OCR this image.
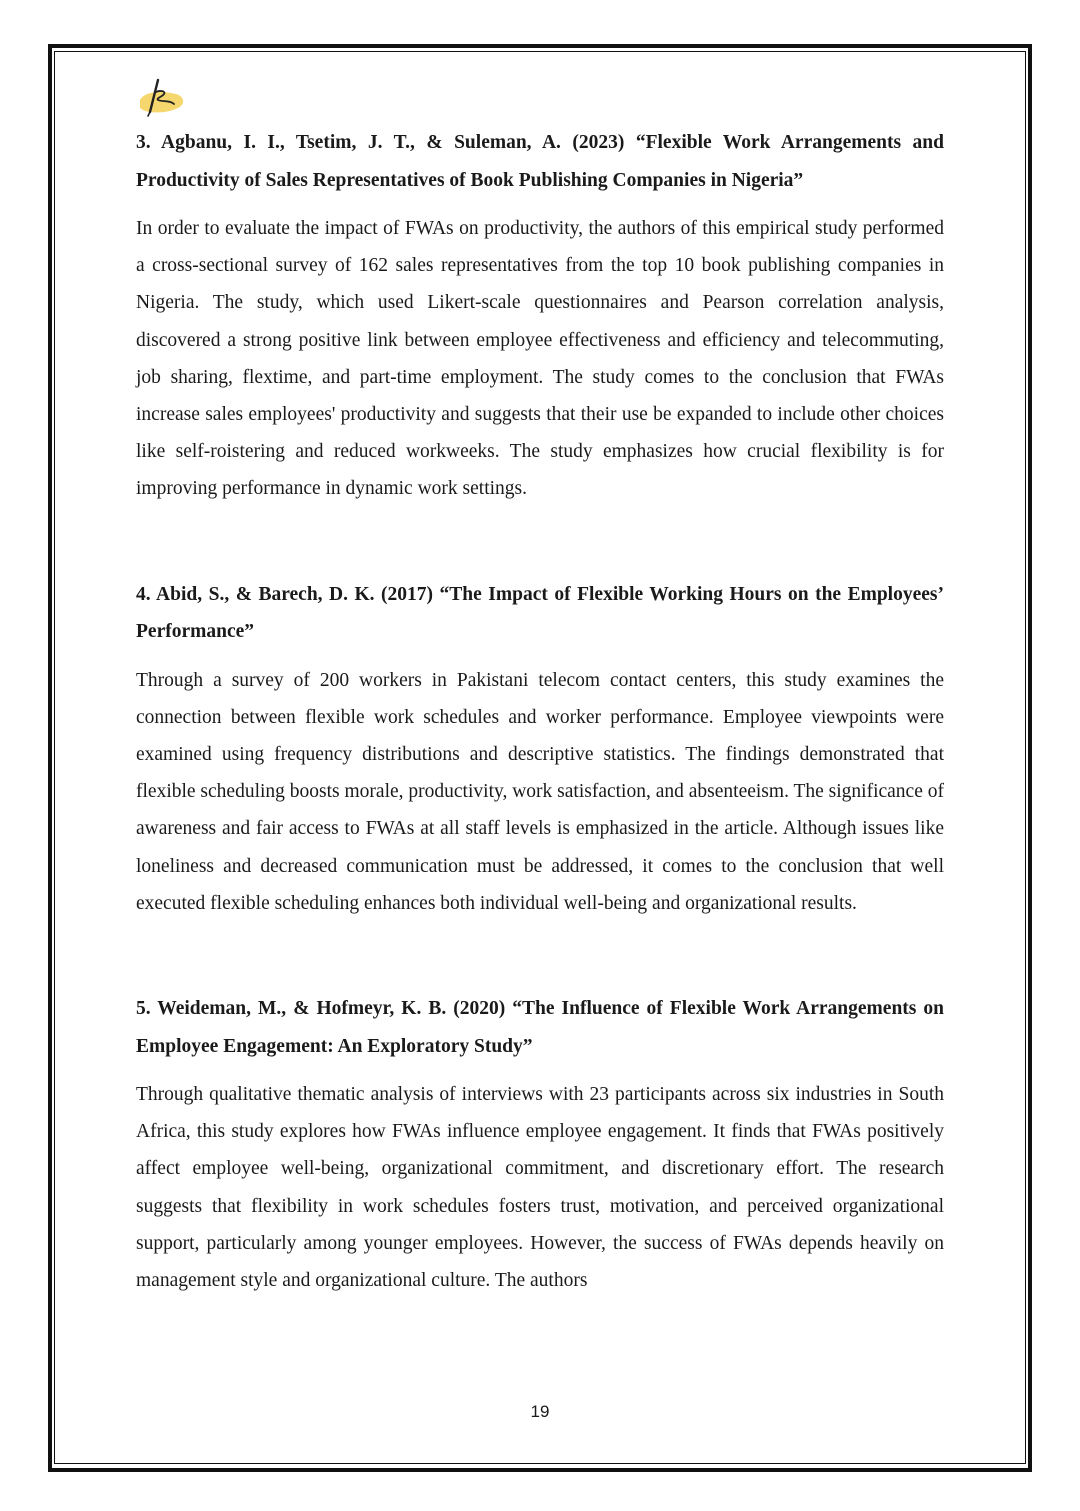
3. Agbanu, I. I., Tsetim, J. T., & Suleman, A. (2023) “Flexible Work Arrangements and Productivity of Sales Representatives of Book Publishing Companies in Nigeria”

In order to evaluate the impact of FWAs on productivity, the authors of this empirical study performed a cross-sectional survey of 162 sales representatives from the top 10 book publishing companies in Nigeria. The study, which used Likert-scale questionnaires and Pearson correlation analysis, discovered a strong positive link between employee effectiveness and efficiency and telecommuting, job sharing, flextime, and part-time employment. The study comes to the conclusion that FWAs increase sales employees' productivity and suggests that their use be expanded to include other choices like self-roistering and reduced workweeks. The study emphasizes how crucial flexibility is for improving performance in dynamic work settings.

4. Abid, S., & Barech, D. K. (2017) “The Impact of Flexible Working Hours on the Employees’ Performance”

Through a survey of 200 workers in Pakistani telecom contact centers, this study examines the connection between flexible work schedules and worker performance. Employee viewpoints were examined using frequency distributions and descriptive statistics. The findings demonstrated that flexible scheduling boosts morale, productivity, work satisfaction, and absenteeism. The significance of awareness and fair access to FWAs at all staff levels is emphasized in the article. Although issues like loneliness and decreased communication must be addressed, it comes to the conclusion that well executed flexible scheduling enhances both individual well-being and organizational results.

5. Weideman, M., & Hofmeyr, K. B. (2020) “The Influence of Flexible Work Arrangements on Employee Engagement: An Exploratory Study”

Through qualitative thematic analysis of interviews with 23 participants across six industries in South Africa, this study explores how FWAs influence employee engagement. It finds that FWAs positively affect employee well-being, organizational commitment, and discretionary effort. The research suggests that flexibility in work schedules fosters trust, motivation, and perceived organizational support, particularly among younger employees. However, the success of FWAs depends heavily on management style and organizational culture. The authors

19
